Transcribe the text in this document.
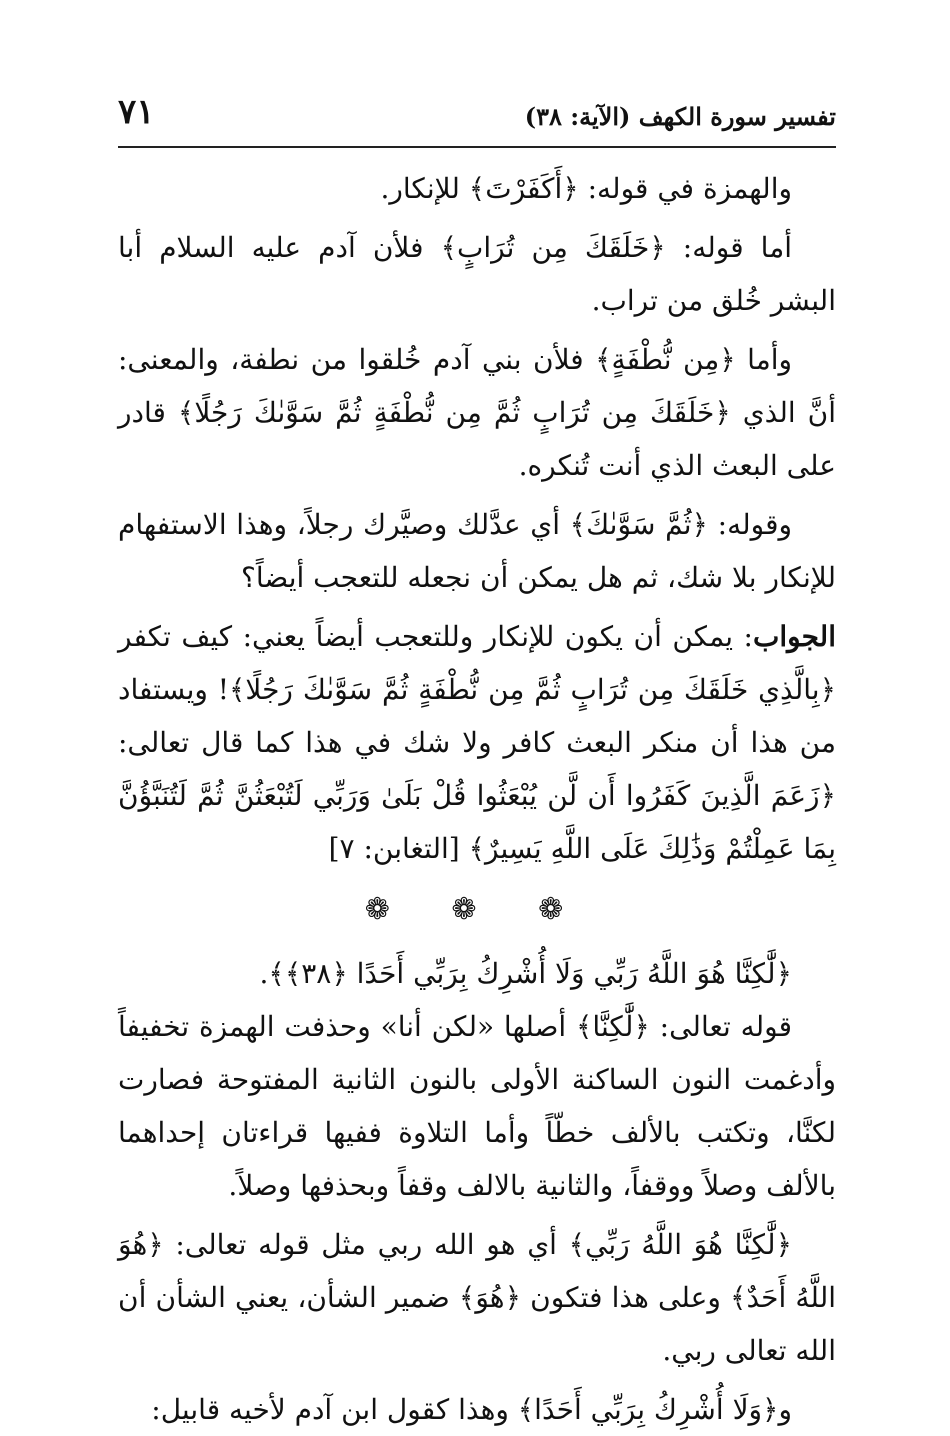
تفسير سورة الكهف (الآية: ٣٨)
٧١

والهمزة في قوله: ﴿أَكَفَرْتَ﴾ للإنكار.

أما قوله: ﴿خَلَقَكَ مِن تُرَابٍ﴾ فلأن آدم عليه السلام أبا البشر خُلق من تراب.

وأما ﴿مِن نُّطْفَةٍ﴾ فلأن بني آدم خُلقوا من نطفة، والمعنى: أنَّ الذي ﴿خَلَقَكَ مِن تُرَابٍ ثُمَّ مِن نُّطْفَةٍ ثُمَّ سَوَّىٰكَ رَجُلًا﴾ قادر على البعث الذي أنت تُنكره.

وقوله: ﴿ثُمَّ سَوَّىٰكَ﴾ أي عدَّلك وصيَّرك رجلاً، وهذا الاستفهام للإنكار بلا شك، ثم هل يمكن أن نجعله للتعجب أيضاً؟

الجواب: يمكن أن يكون للإنكار وللتعجب أيضاً يعني: كيف تكفر ﴿بِالَّذِي خَلَقَكَ مِن تُرَابٍ ثُمَّ مِن نُّطْفَةٍ ثُمَّ سَوَّىٰكَ رَجُلًا﴾! ويستفاد من هذا أن منكر البعث كافر ولا شك في هذا كما قال تعالى: ﴿زَعَمَ الَّذِينَ كَفَرُوا أَن لَّن يُبْعَثُوا قُلْ بَلَىٰ وَرَبِّي لَتُبْعَثُنَّ ثُمَّ لَتُنَبَّؤُنَّ بِمَا عَمِلْتُمْ وَذَٰلِكَ عَلَى اللَّهِ يَسِيرٌ﴾ [التغابن: ٧]

❁ ❁ ❁

﴿لَّٰكِنَّا هُوَ اللَّهُ رَبِّي وَلَا أُشْرِكُ بِرَبِّي أَحَدًا ﴿٣٨﴾﴾.

قوله تعالى: ﴿لَّٰكِنَّا﴾ أصلها «لكن أنا» وحذفت الهمزة تخفيفاً وأدغمت النون الساكنة الأولى بالنون الثانية المفتوحة فصارت لكنَّا، وتكتب بالألف خطّاً وأما التلاوة ففيها قراءتان إحداهما بالألف وصلاً ووقفاً، والثانية بالالف وقفاً وبحذفها وصلاً.

﴿لَّٰكِنَّا هُوَ اللَّهُ رَبِّي﴾ أي هو الله ربي مثل قوله تعالى: ﴿هُوَ اللَّهُ أَحَدٌ﴾ وعلى هذا فتكون ﴿هُوَ﴾ ضمير الشأن، يعني الشأن أن الله تعالى ربي.

و﴿وَلَا أُشْرِكُ بِرَبِّي أَحَدًا﴾ وهذا كقول ابن آدم لأخيه قابيل:
